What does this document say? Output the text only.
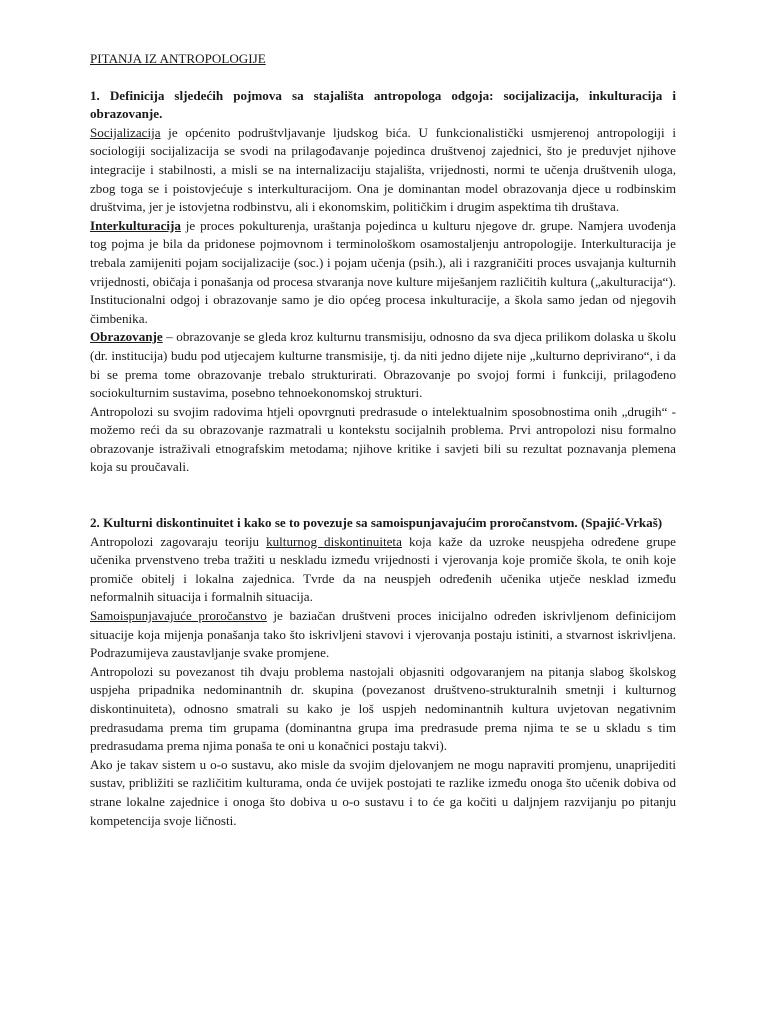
PITANJA IZ ANTROPOLOGIJE
1. Definicija sljedećih pojmova sa stajališta antropologa odgoja: socijalizacija, inkulturacija i obrazovanje.

Socijalizacija je općenito podruštvljavanje ljudskog bića. U funkcionalistički usmjerenoj antropologiji i sociologiji socijalizacija se svodi na prilagođavanje pojedinca društvenoj zajednici, što je preduvjet njihove integracije i stabilnosti, a misli se na internalizaciju stajališta, vrijednosti, normi te učenja društvenih uloga, zbog toga se i poistovjećuje s interkulturacijom. Ona je dominantan model obrazovanja djece u rodbinskim društvima, jer je istovjetna rodbinstvu, ali i ekonomskim, političkim i drugim aspektima tih društava.

Interkulturacija je proces pokulturenja, uraštanja pojedinca u kulturu njegove dr. grupe. Namjera uvođenja tog pojma je bila da pridonese pojmovnom i terminološkom osamostaljenju antropologije. Interkulturacija je trebala zamijeniti pojam socijalizacije (soc.) i pojam učenja (psih.), ali i razgraničiti proces usvajanja kulturnih vrijednosti, običaja i ponašanja od procesa stvaranja nove kulture miješanjem različitih kultura („akulturacija“). Institucionalni odgoj i obrazovanje samo je dio općeg procesa inkulturacije, a škola samo jedan od njegovih čimbenika.

Obrazovanje – obrazovanje se gleda kroz kulturnu transmisiju, odnosno da sva djeca prilikom dolaska u školu (dr. institucija) budu pod utjecajem kulturne transmisije, tj. da niti jedno dijete nije „kulturno deprivirano“, i da bi se prema tome obrazovanje trebalo strukturirati. Obrazovanje po svojoj formi i funkciji, prilagođeno sociokulturnim sustavima, posebno tehnoekonomskoj strukturi.

Antropolozi su svojim radovima htjeli opovrgnuti predrasude o intelektualnim sposobnostima onih „drugih“ - možemo reći da su obrazovanje razmatrali u kontekstu socijalnih problema. Prvi antropolozi nisu formalno obrazovanje istraživali etnografskim metodama; njihove kritike i savjeti bili su rezultat poznavanja plemena koja su proučavali.

2. Kulturni diskontinuitet i kako se to povezuje sa samoispunjavajućim proročanstvom. (Spajić-Vrkaš)

Antropolozi zagovaraju teoriju kulturnog diskontinuiteta koja kaže da uzroke neuspjeha određene grupe učenika prvenstveno treba tražiti u neskladu između vrijednosti i vjerovanja koje promiče škola, te onih koje promiče obitelj i lokalna zajednica. Tvrde da na neuspjeh određenih učenika utječe nesklad između neformalnih situacija i formalnih situacija.

Samoispunjavajuće proročanstvo je baziačan društveni proces inicijalno određen iskrivljenom definicijom situacije koja mijenja ponašanja tako što iskrivljeni stavovi i vjerovanja postaju istiniti, a stvarnost iskrivljena. Podrazumijeva zaustavljanje svake promjene.

Antropolozi su povezanost tih dvaju problema nastojali objasniti odgovaranjem na pitanja slabog školskog uspjeha pripadnika nedominantnih dr. skupina (povezanost društveno-strukturalnih smetnji i kulturnog diskontinuiteta), odnosno smatrali su kako je loš uspjeh nedominantnih kultura uvjetovan negativnim predrasudama prema tim grupama (dominantna grupa ima predrasude prema njima te se u skladu s tim predrasudama prema njima ponaša te oni u konačnici postaju takvi).

Ako je takav sistem u o-o sustavu, ako misle da svojim djelovanjem ne mogu napraviti promjenu, unaprijediti sustav, približiti se različitim kulturama, onda će uvijek postojati te razlike između onoga što učenik dobiva od strane lokalne zajednice i onoga što dobiva u o-o sustavu i to će ga kočiti u daljnjem razvijanju po pitanju kompetencija svoje ličnosti.
